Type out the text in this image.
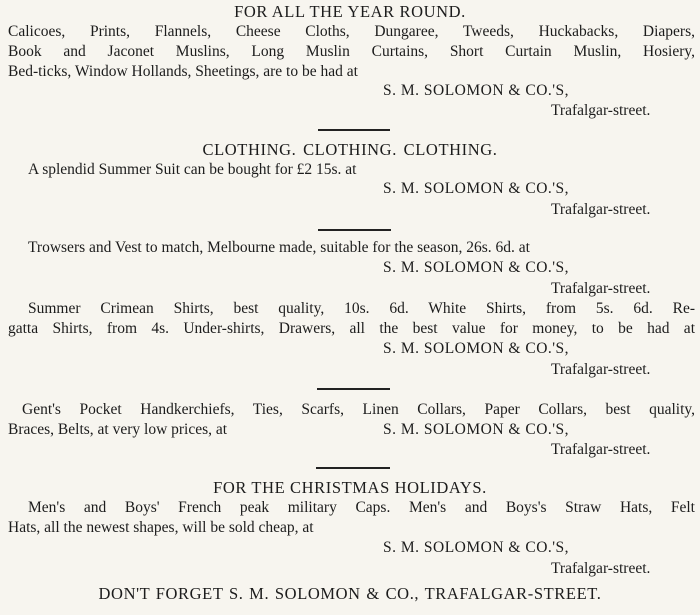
FOR ALL THE YEAR ROUND.
Calicoes, Prints, Flannels, Cheese Cloths, Dungaree, Tweeds, Huckabacks, Diapers,
Book and Jaconet Muslins, Long Muslin Curtains, Short Curtain Muslin, Hosiery,
Bed-ticks, Window Hollands, Sheetings, are to be had at
S. M. SOLOMON & CO.'S,
Trafalgar-street.
CLOTHING. CLOTHING. CLOTHING.
A splendid Summer Suit can be bought for £2 15s. at
S. M. SOLOMON & CO.'S,
Trafalgar-street.
Trowsers and Vest to match, Melbourne made, suitable for the season, 26s. 6d. at
S. M. SOLOMON & CO.'S,
Trafalgar-street.
Summer Crimean Shirts, best quality, 10s. 6d. White Shirts, from 5s. 6d. Re-
gatta Shirts, from 4s. Under-shirts, Drawers, all the best value for money, to be had at
S. M. SOLOMON & CO.'S,
Trafalgar-street.
Gent's Pocket Handkerchiefs, Ties, Scarfs, Linen Collars, Paper Collars, best quality,
Braces, Belts, at very low prices, at	S. M. SOLOMON & CO.'S,
Trafalgar-street.
FOR THE CHRISTMAS HOLIDAYS.
Men's and Boys' French peak military Caps. Men's and Boys's Straw Hats, Felt
Hats, all the newest shapes, will be sold cheap, at
S. M. SOLOMON & CO.'S,
Trafalgar-street.
DON'T FORGET S. M. SOLOMON & CO., TRAFALGAR-STREET.
